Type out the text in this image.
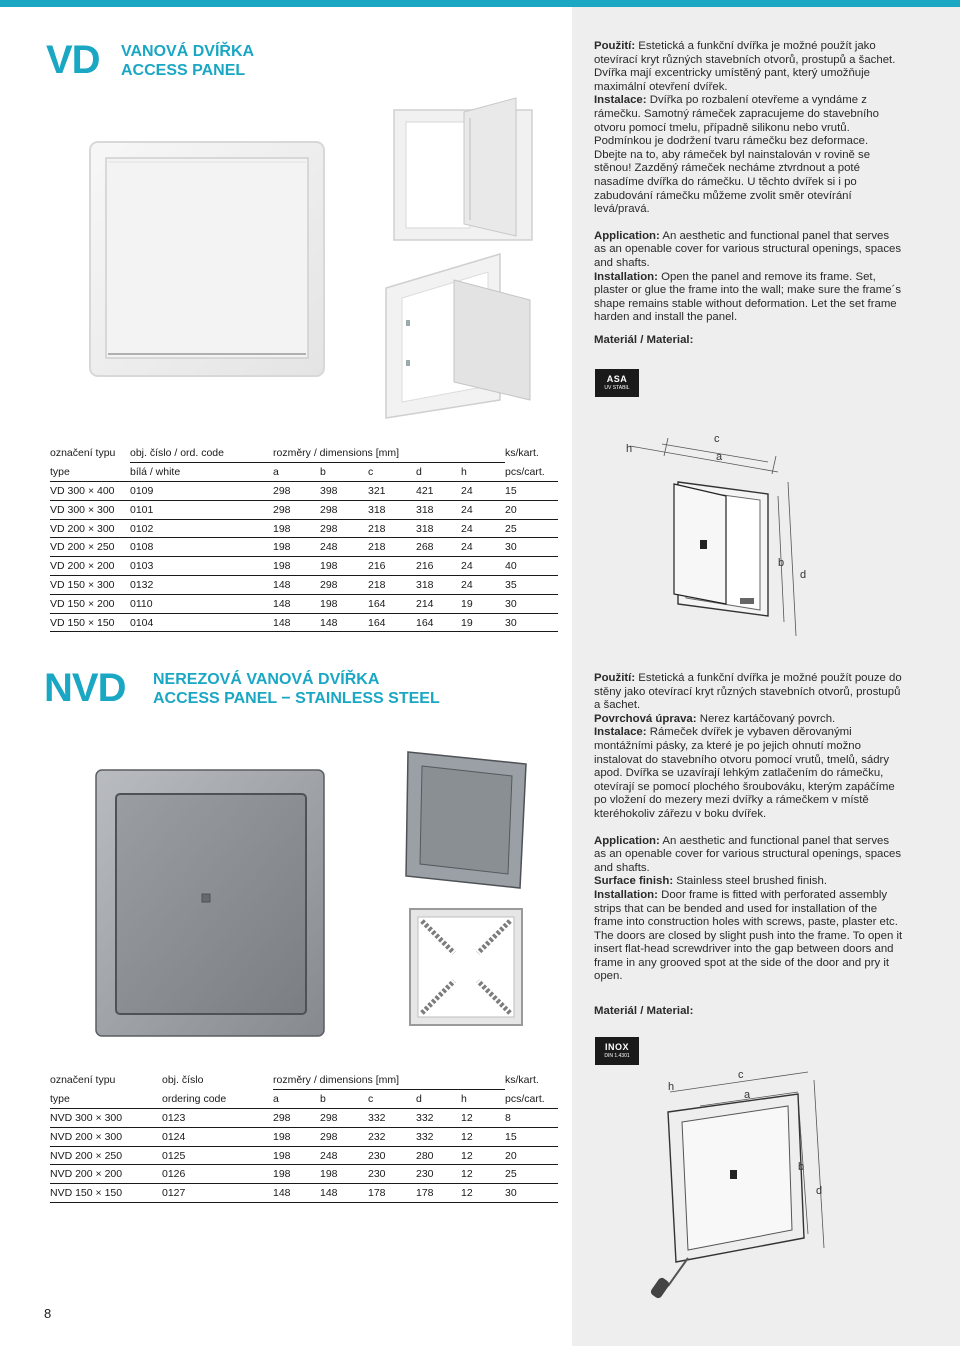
VD VANOVÁ DVÍŘKA
ACCESS PANEL

Použití: Estetická a funkční dvířka je možné použít jako otevírací kryt různých stavebních otvorů, prostupů a šachet. Dvířka mají excentricky umístěný pant, který umožňuje maximální otevření dvířek.

Instalace: Dvířka po rozbalení otevřeme a vyndáme z rámečku. Samotný rámeček zapracujeme do stavebního otvoru pomocí tmelu, případně silikonu nebo vrutů. Podmínkou je dodržení tvaru rámečku bez deformace. Dbejte na to, aby rámeček byl nainstalován v rovině se stěnou! Zazděný rámeček necháme ztvrdnout a poté nasadíme dvířka do rámečku. U těchto dvířek si i po zabudování rámečku můžeme zvolit směr otevírání levá/pravá.

Application: An aesthetic and functional panel that serves as an openable cover for various structural openings, spaces and shafts.

Installation: Open the panel and remove its frame. Set, plaster or glue the frame into the wall; make sure the frame´s shape remains stable without deformation. Let the set frame harden and install the panel.

Materiál / Material:
ASA
UV STABIL
označení typu	obj. číslo / ord. code	rozměry / dimensions [mm]					ks/kart.
type	bílá / white	a	b	c	d	h	pcs/cart.
VD 300 × 400	0109	298	398	321	421	24	15
VD 300 × 300	0101	298	298	318	318	24	20
VD 200 × 300	0102	198	298	218	318	24	25
VD 200 × 250	0108	198	248	218	268	24	30
VD 200 × 200	0103	198	198	216	216	24	40
VD 150 × 300	0132	148	298	218	318	24	35
VD 150 × 200	0110	148	198	164	214	19	30
VD 150 × 150	0104	148	148	164	164	19	30
h
c
a
b
d
NVD NEREZOVÁ VANOVÁ DVÍŘKA
ACCESS PANEL − STAINLESS STEEL

Použití: Estetická a funkční dvířka je možné použít pouze do stěny jako otevírací kryt různých stavebních otvorů, prostupů a šachet.

Povrchová úprava: Nerez kartáčovaný povrch.

Instalace: Rámeček dvířek je vybaven děrovanými montážními pásky, za které je po jejich ohnutí možno instalovat do stavebního otvoru pomocí vrutů, tmelů, sádry apod. Dvířka se uzavírají lehkým zatlačením do rámečku, otevírají se pomocí plochého šroubováku, kterým zapáčíme po vložení do mezery mezi dvířky a rámečkem v místě kteréhokoliv zářezu v boku dvířek.

Application: An aesthetic and functional panel that serves as an openable cover for various structural openings, spaces and shafts.

Surface finish: Stainless steel brushed finish.

Installation: Door frame is fitted with perforated assembly strips that can be bended and used for installation of the frame into construction holes with screws, paste, plaster etc. The doors are closed by slight push into the frame. To open it insert flat-head screwdriver into the gap between doors and frame in any grooved spot at the side of the door and pry it open.

Materiál / Material:
INOX
DIN 1.4301
označení typu	obj. číslo	rozměry / dimensions [mm]					ks/kart.
type	ordering code	a	b	c	d	h	pcs/cart.
NVD 300 × 300	0123	298	298	332	332	12	8
NVD 200 × 300	0124	198	298	232	332	12	15
NVD 200 × 250	0125	198	248	230	280	12	20
NVD 200 × 200	0126	198	198	230	230	12	25
NVD 150 × 150	0127	148	148	178	178	12	30
h
c
a
b
d
8
